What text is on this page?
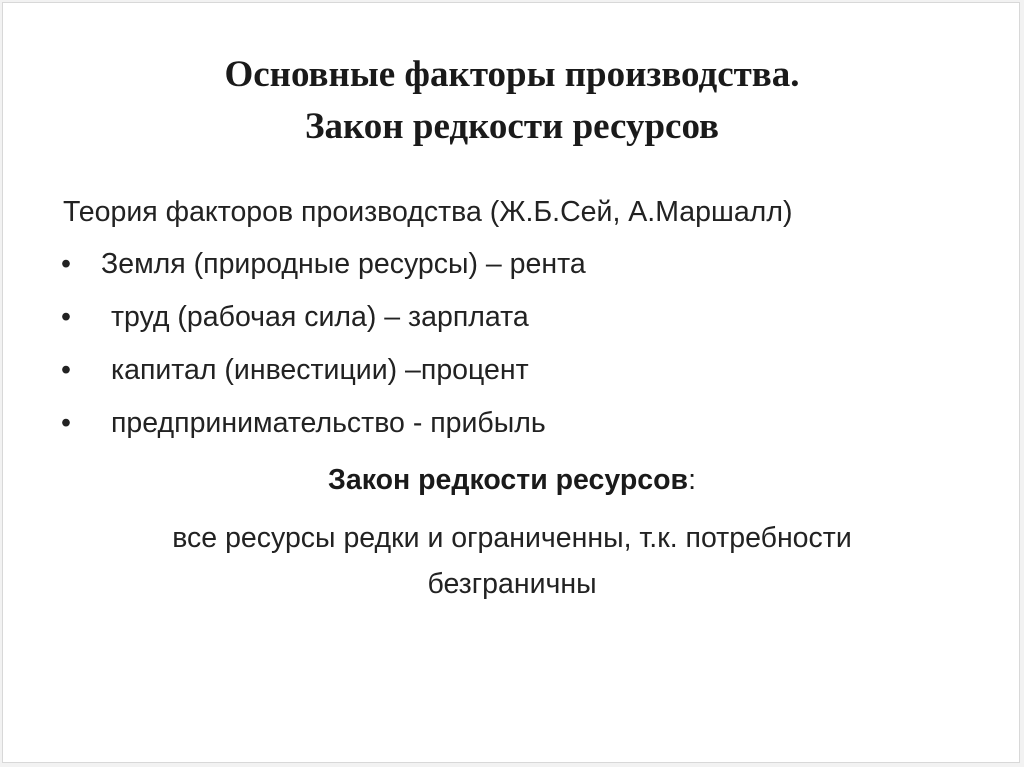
Основные факторы производства.
Закон редкости ресурсов
Теория факторов производства (Ж.Б.Сей, А.Маршалл)
• Земля (природные ресурсы) – рента
• труд (рабочая сила) – зарплата
• капитал (инвестиции) –процент
• предпринимательство - прибыль
Закон редкости ресурсов:
все ресурсы редки и ограниченны, т.к. потребности
безграничны
